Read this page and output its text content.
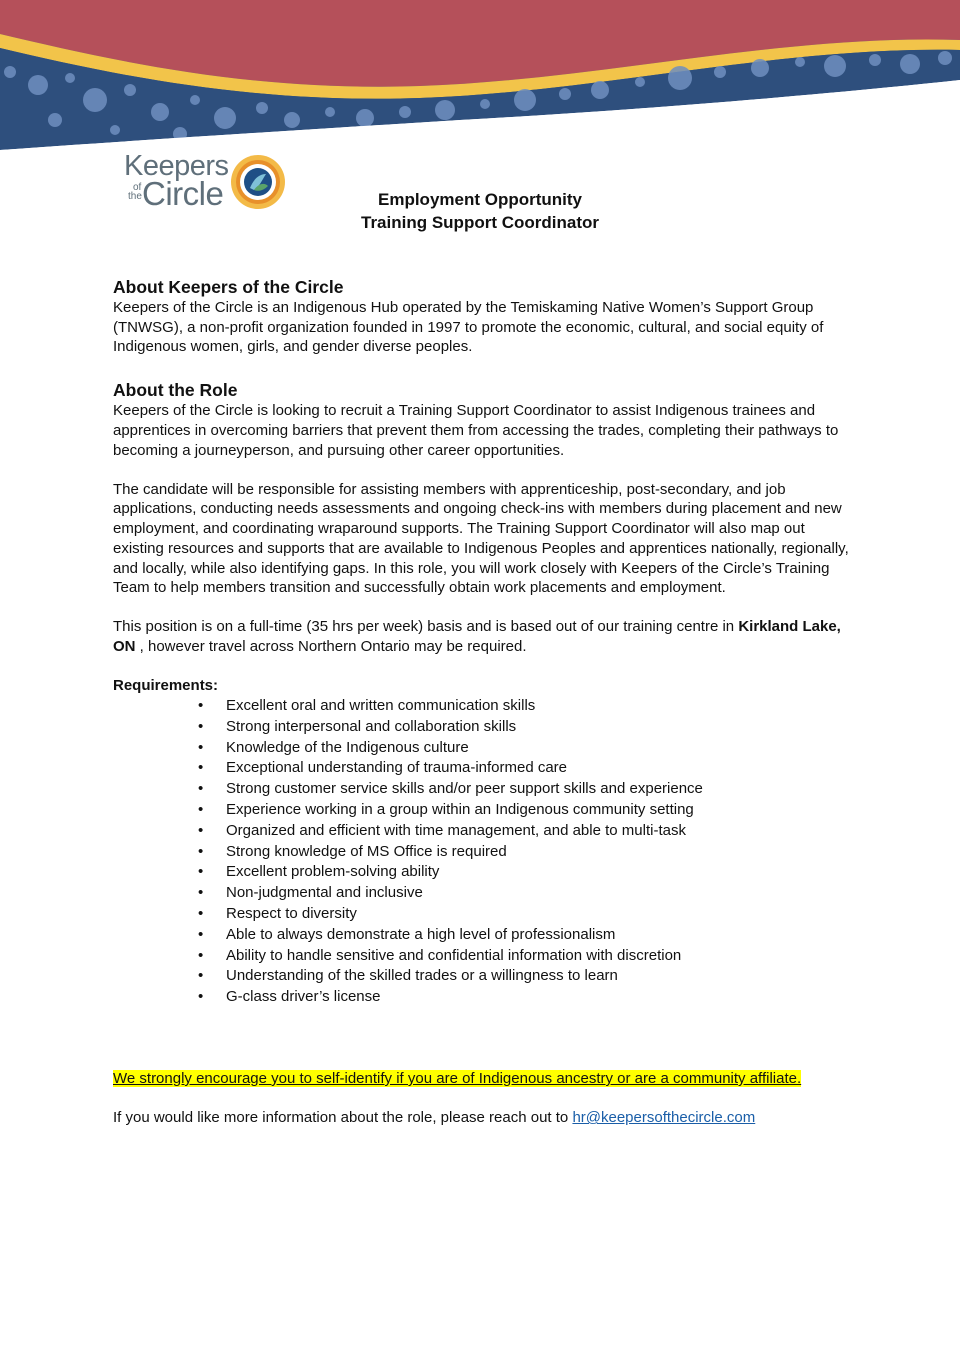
Keepers
of
the Circle	Employment Opportunity
Training Support Coordinator
About Keepers of the Circle

Keepers of the Circle is an Indigenous Hub operated by the Temiskaming Native Women’s Support Group (TNWSG), a non-profit organization founded in 1997 to promote the economic, cultural, and social equity of Indigenous women, girls, and gender diverse peoples.

About the Role

Keepers of the Circle is looking to recruit a Training Support Coordinator to assist Indigenous trainees and apprentices in overcoming barriers that prevent them from accessing the trades, completing their pathways to becoming a journeyperson, and pursuing other career opportunities.

The candidate will be responsible for assisting members with apprenticeship, post-secondary, and job applications, conducting needs assessments and ongoing check-ins with members during placement and new employment, and coordinating wraparound supports. The Training Support Coordinator will also map out existing resources and supports that are available to Indigenous Peoples and apprentices nationally, regionally, and locally, while also identifying gaps. In this role, you will work closely with Keepers of the Circle’s Training Team to help members transition and successfully obtain work placements and employment.

This position is on a full-time (35 hrs per week) basis and is based out of our training centre in Kirkland Lake, ON , however travel across Northern Ontario may be required.

Requirements:
• Excellent oral and written communication skills
• Strong interpersonal and collaboration skills
• Knowledge of the Indigenous culture
• Exceptional understanding of trauma-informed care
• Strong customer service skills and/or peer support skills and experience
• Experience working in a group within an Indigenous community setting
• Organized and efficient with time management, and able to multi-task
• Strong knowledge of MS Office is required
• Excellent problem-solving ability
• Non-judgmental and inclusive
• Respect to diversity
• Able to always demonstrate a high level of professionalism
• Ability to handle sensitive and confidential information with discretion
• Understanding of the skilled trades or a willingness to learn
• G-class driver’s license

We strongly encourage you to self-identify if you are of Indigenous ancestry or are a community affiliate.

If you would like more information about the role, please reach out to hr@keepersofthecircle.com
